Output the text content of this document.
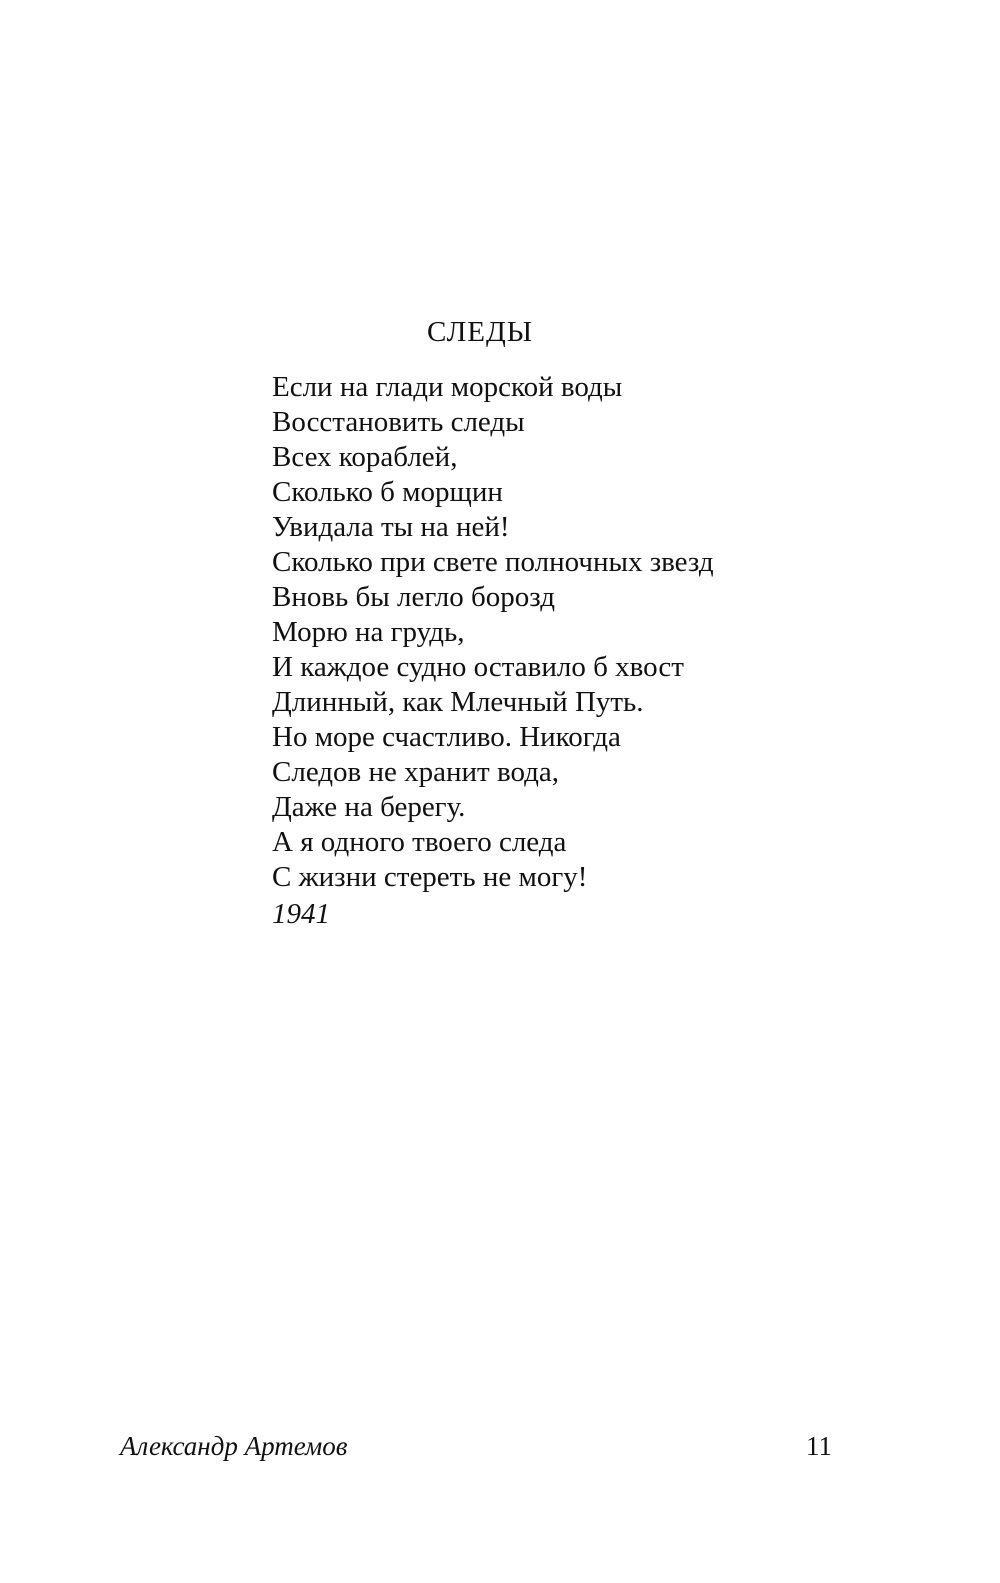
СЛЕДЫ
Если на глади морской воды
Восстановить следы
Всех кораблей,
Сколько б морщин
Увидала ты на ней!
Сколько при свете полночных звезд
Вновь бы легло борозд
Морю на грудь,
И каждое судно оставило б хвост
Длинный, как Млечный Путь.
Но море счастливо. Никогда
Следов не хранит вода,
Даже на берегу.
А я одного твоего следа
С жизни стереть не могу!
1941
Александр Артемов	11
